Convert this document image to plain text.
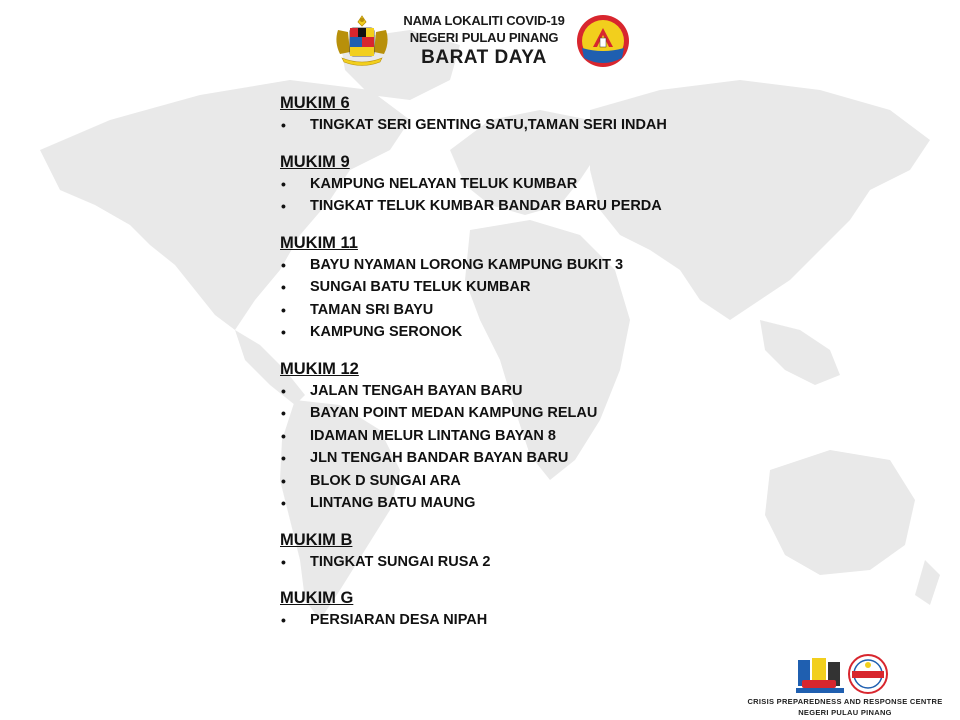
NAMA LOKALITI COVID-19
NEGERI PULAU PINANG
BARAT DAYA
MUKIM 6
• TINGKAT SERI GENTING SATU,TAMAN SERI INDAH
MUKIM 9
• KAMPUNG NELAYAN TELUK KUMBAR
• TINGKAT TELUK KUMBAR BANDAR BARU PERDA
MUKIM 11
• BAYU NYAMAN LORONG KAMPUNG BUKIT 3
• SUNGAI BATU TELUK KUMBAR
• TAMAN SRI BAYU
• KAMPUNG SERONOK
MUKIM 12
• JALAN TENGAH BAYAN BARU
• BAYAN POINT MEDAN KAMPUNG RELAU
• IDAMAN MELUR LINTANG BAYAN 8
• JLN TENGAH BANDAR BAYAN BARU
• BLOK D SUNGAI ARA
• LINTANG BATU MAUNG
MUKIM B
• TINGKAT SUNGAI RUSA 2
MUKIM G
• PERSIARAN DESA NIPAH
CRISIS PREPAREDNESS AND RESPONSE CENTRE
NEGERI PULAU PINANG
